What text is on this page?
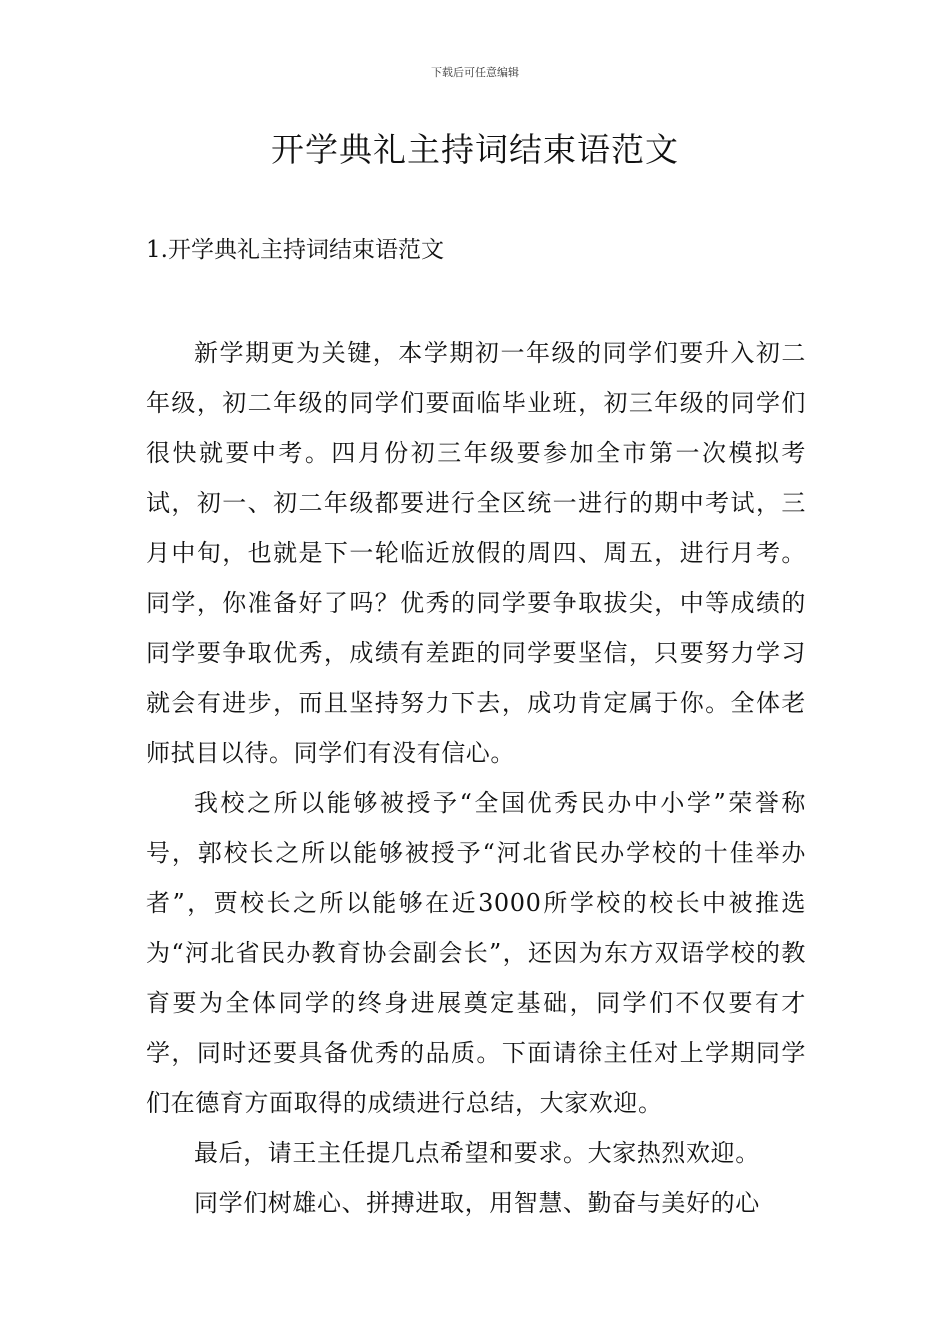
下载后可任意编辑
开学典礼主持词结束语范文
1.开学典礼主持词结束语范文

新学期更为关键，本学期初一年级的同学们要升入初二年级，初二年级的同学们要面临毕业班，初三年级的同学们很快就要中考。四月份初三年级要参加全市第一次模拟考试，初一、初二年级都要进行全区统一进行的期中考试，三月中旬，也就是下一轮临近放假的周四、周五，进行月考。同学，你准备好了吗？优秀的同学要争取拔尖，中等成绩的同学要争取优秀，成绩有差距的同学要坚信，只要努力学习就会有进步，而且坚持努力下去，成功肯定属于你。全体老师拭目以待。同学们有没有信心。

我校之所以能够被授予“全国优秀民办中小学”荣誉称号，郭校长之所以能够被授予“河北省民办学校的十佳举办者”，贾校长之所以能够在近3000所学校的校长中被推选为“河北省民办教育协会副会长”，还因为东方双语学校的教育要为全体同学的终身进展奠定基础，同学们不仅要有才学，同时还要具备优秀的品质。下面请徐主任对上学期同学们在德育方面取得的成绩进行总结，大家欢迎。

最后，请王主任提几点希望和要求。大家热烈欢迎。

同学们树雄心、拼搏进取，用智慧、勤奋与美好的心
